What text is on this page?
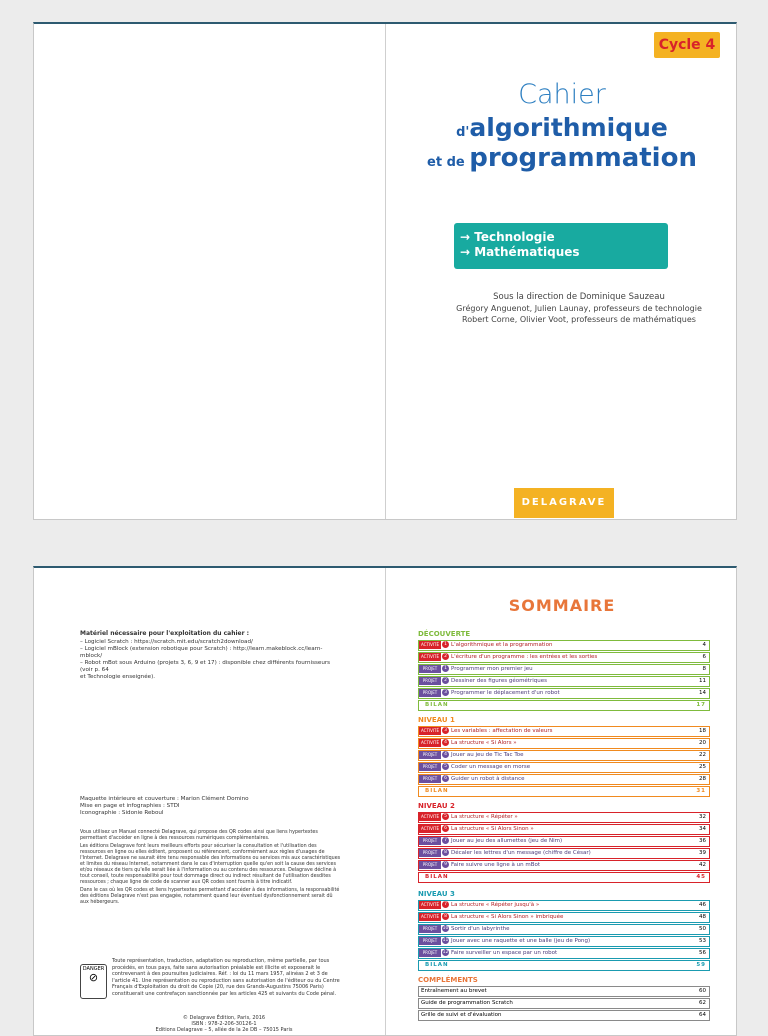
Cycle 4
Cahier
d'algorithmique
et de programmation
→ Technologie
→ Mathématiques
Sous la direction de Dominique Sauzeau
Grégory Anguenot, Julien Launay, professeurs de technologie
Robert Corne, Olivier Voot, professeurs de mathématiques
DELAGRAVE

Matériel nécessaire pour l'exploitation du cahier :

– Logiciel Scratch : https://scratch.mit.edu/scratch2download/
– Logiciel mBlock (extension robotique pour Scratch) : http://learn.makeblock.cc/learn-mblock/
– Robot mBot sous Arduino (projets 3, 6, 9 et 17) : disponible chez différents fournisseurs (voir p. 64
et Technologie enseignée).
Maquette intérieure et couverture : Marion Clément Domino
Mise en page et infographies : STDI
Iconographie : Sidonie Reboul

Vous utilisez un Manuel connecté Delagrave, qui propose des QR codes ainsi que liens hypertextes permettant d'accéder en ligne à des ressources numériques complémentaires.

Les éditions Delagrave font leurs meilleurs efforts pour sécuriser la consultation et l'utilisation des ressources en ligne ou elles éditent, proposent ou référencent, conformément aux règles d'usages de l'Internet. Delagrave ne saurait être tenu responsable des informations ou services mis aux caractéristiques et limites du réseau Internet, notamment dans le cas d'interruption quelle qu'en soit la cause des services et/ou réseaux de tiers qu'elle serait liée à l'information ou au contenu des ressources. Delagrave décline à tout conseil, toute responsabilité pour tout dommage direct ou indirect résultant de l'utilisation desdites ressources ; chaque ligne de code de scanner aux QR codes sont fournis à titre indicatif.

Dans le cas où les QR codes et liens hypertextes permettant d'accéder à des informations, la responsabilité des éditions Delagrave n'est pas engagée, notamment quand leur éventuel dysfonctionnement serait dû aux hébergeurs.

DANGER
⊘
Toute représentation, traduction, adaptation ou reproduction, même partielle, par tous procédés, en tous pays, faite sans autorisation préalable est illicite et exposerait le contrevenant à des poursuites judiciaires. Réf. : loi du 11 mars 1957, alinéas 2 et 3 de l'article 41. Une représentation ou reproduction sans autorisation de l'éditeur ou du Centre Français d'Exploitation du droit de Copie (20, rue des Grands-Augustins 75006 Paris) constituerait une contrefaçon sanctionnée par les articles 425 et suivants du Code pénal.
© Delagrave Édition, Paris, 2016
ISBN : 978-2-206-30126-1
Editions Delagrave – 5, allée de la 2e DB – 75015 Paris
SOMMAIRE
DÉCOUVERTE
ACTIVITÉ 1 L'algorithmique et la programmation	4
ACTIVITÉ 2 L'écriture d'un programme : les entrées et les sorties	6
PROJET 1 Programmer mon premier jeu	8
PROJET 2 Dessiner des figures géométriques	11
PROJET 3 Programmer le déplacement d'un robot	14
BILAN	17
NIVEAU 1
ACTIVITÉ 3 Les variables : affectation de valeurs	18
ACTIVITÉ 4 La structure « Si Alors »	20
PROJET 4 Jouer au jeu de Tic Tac Toe	22
PROJET 5 Coder un message en morse	25
PROJET 6 Guider un robot à distance	28
BILAN	31
NIVEAU 2
ACTIVITÉ 5 La structure « Répéter »	32
ACTIVITÉ 6 La structure « Si Alors Sinon »	34
PROJET 7 Jouer au jeu des allumettes (jeu de Nim)	36
PROJET 8 Décaler les lettres d'un message (chiffre de César)	39
PROJET 9 Faire suivre une ligne à un mBot	42
BILAN	45
NIVEAU 3
ACTIVITÉ 7 La structure « Répéter jusqu'à »	46
ACTIVITÉ 8 La structure « Si Alors Sinon » imbriquée	48
PROJET 10 Sortir d'un labyrinthe	50
PROJET 11 Jouer avec une raquette et une balle (jeu de Pong)	53
PROJET 12 Faire surveiller un espace par un robot	56
BILAN	59
COMPLÉMENTS
Entraînement au brevet	60
Guide de programmation Scratch	62
Grille de suivi et d'évaluation	64
